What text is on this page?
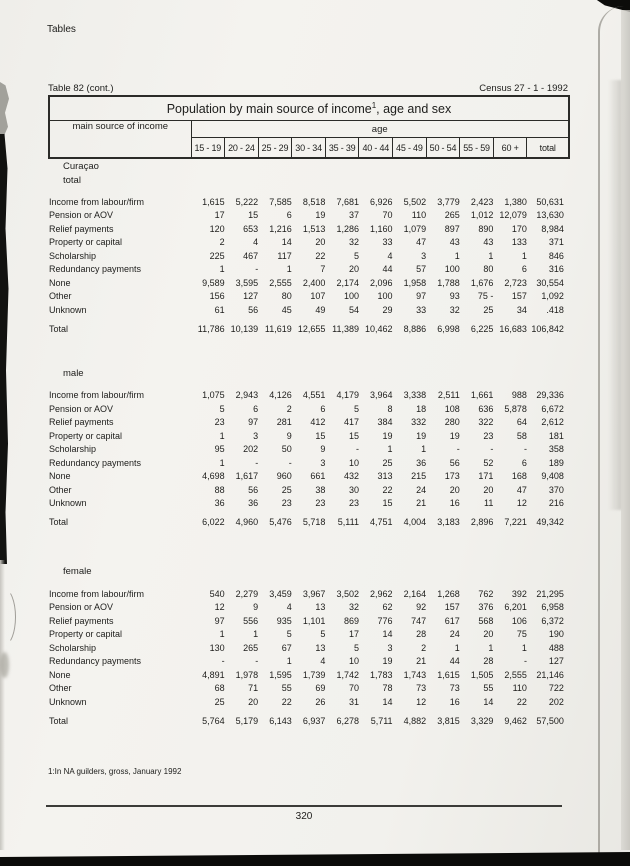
Tables
Table 82 (cont.)	Census 27 - 1 - 1992
Population by main source of income$^1$, age and sex											
main source of income	age										
	15 - 19	20 - 24	25 - 29	30 - 34	35 - 39	40 - 44	45 - 49	50 - 54	55 - 59	60 +	total
Curaçao											
total											

Income from labour/firm	1,615	5,222	7,585	8,518	7,681	6,926	5,502	3,779	2,423	1,380	50,631
Pension or AOV	17	15	6	19	37	70	110	265	1,012	12,079	13,630
Relief payments	120	653	1,216	1,513	1,286	1,160	1,079	897	890	170	8,984
Property or capital	2	4	14	20	32	33	47	43	43	133	371
Scholarship	225	467	117	22	5	4	3	1	1	1	846
Redundancy payments	1	-	1	7	20	44	57	100	80	6	316
None	9,589	3,595	2,555	2,400	2,174	2,096	1,958	1,788	1,676	2,723	30,554
Other	156	127	80	107	100	100	97	93	75 -	157	1,092
Unknown	61	56	45	49	54	29	33	32	25	34	.418

Total	11,786	10,139	11,619	12,655	11,389	10,462	8,886	6,998	6,225	16,683	106,842

male											

Income from labour/firm	1,075	2,943	4,126	4,551	4,179	3,964	3,338	2,511	1,661	988	29,336
Pension or AOV	5	6	2	6	5	8	18	108	636	5,878	6,672
Relief payments	23	97	281	412	417	384	332	280	322	64	2,612
Property or capital	1	3	9	15	15	19	19	19	23	58	181
Scholarship	95	202	50	9	-	1	1	-	-	-	358
Redundancy payments	1	-	-	3	10	25	36	56	52	6	189
None	4,698	1,617	960	661	432	313	215	173	171	168	9,408
Other	88	56	25	38	30	22	24	20	20	47	370
Unknown	36	36	23	23	23	15	21	16	11	12	216

Total	6,022	4,960	5,476	5,718	5,111	4,751	4,004	3,183	2,896	7,221	49,342

female											

Income from labour/firm	540	2,279	3,459	3,967	3,502	2,962	2,164	1,268	762	392	21,295
Pension or AOV	12	9	4	13	32	62	92	157	376	6,201	6,958
Relief payments	97	556	935	1,101	869	776	747	617	568	106	6,372
Property or capital	1	1	5	5	17	14	28	24	20	75	190
Scholarship	130	265	67	13	5	3	2	1	1	1	488
Redundancy payments	-	-	1	4	10	19	21	44	28	-	127
None	4,891	1,978	1,595	1,739	1,742	1,783	1,743	1,615	1,505	2,555	21,146
Other	68	71	55	69	70	78	73	73	55	110	722
Unknown	25	20	22	26	31	14	12	16	14	22	202

Total	5,764	5,179	6,143	6,937	6,278	5,711	4,882	3,815	3,329	9,462	57,500
1:In NA guilders, gross, January 1992
320
